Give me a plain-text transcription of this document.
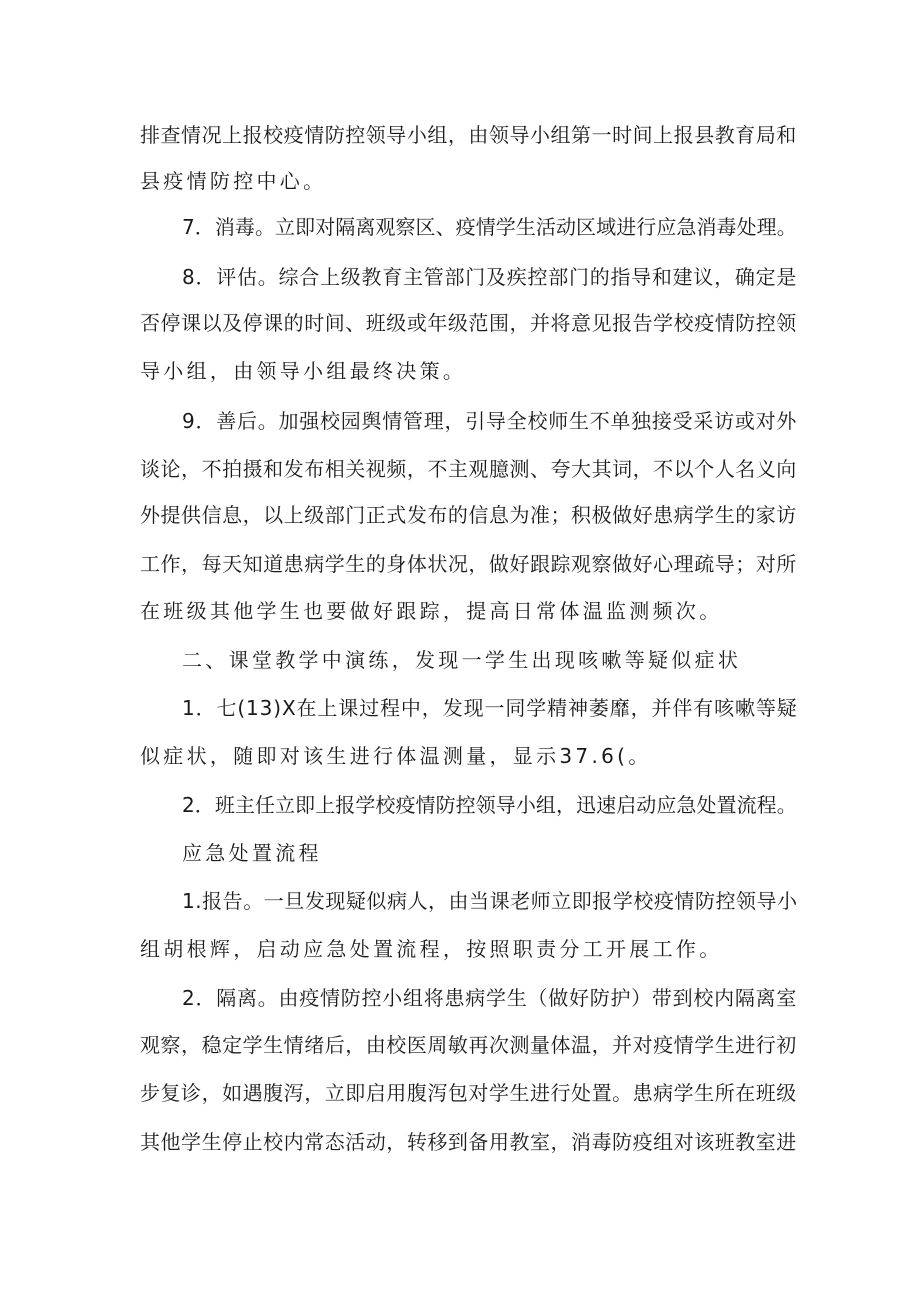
排查情况上报校疫情防控领导小组，由领导小组第一时间上报县教育局和
县疫情防控中心。
7．消毒。立即对隔离观察区、疫情学生活动区域进行应急消毒处理。
8．评估。综合上级教育主管部门及疾控部门的指导和建议，确定是
否停课以及停课的时间、班级或年级范围，并将意见报告学校疫情防控领
导小组，由领导小组最终决策。
9．善后。加强校园舆情管理，引导全校师生不单独接受采访或对外
谈论，不拍摄和发布相关视频，不主观臆测、夸大其词，不以个人名义向
外提供信息，以上级部门正式发布的信息为准；积极做好患病学生的家访
工作，每天知道患病学生的身体状况，做好跟踪观察做好心理疏导；对所
在班级其他学生也要做好跟踪，提高日常体温监测频次。
二、课堂教学中演练，发现一学生出现咳嗽等疑似症状
1．七(13)X在上课过程中，发现一同学精神萎靡，并伴有咳嗽等疑
似症状，随即对该生进行体温测量，显示37.6(。
2．班主任立即上报学校疫情防控领导小组，迅速启动应急处置流程。
应急处置流程
1.报告。一旦发现疑似病人，由当课老师立即报学校疫情防控领导小
组胡根辉，启动应急处置流程，按照职责分工开展工作。
2．隔离。由疫情防控小组将患病学生（做好防护）带到校内隔离室
观察，稳定学生情绪后，由校医周敏再次测量体温，并对疫情学生进行初
步复诊，如遇腹泻，立即启用腹泻包对学生进行处置。患病学生所在班级
其他学生停止校内常态活动，转移到备用教室，消毒防疫组对该班教室进
